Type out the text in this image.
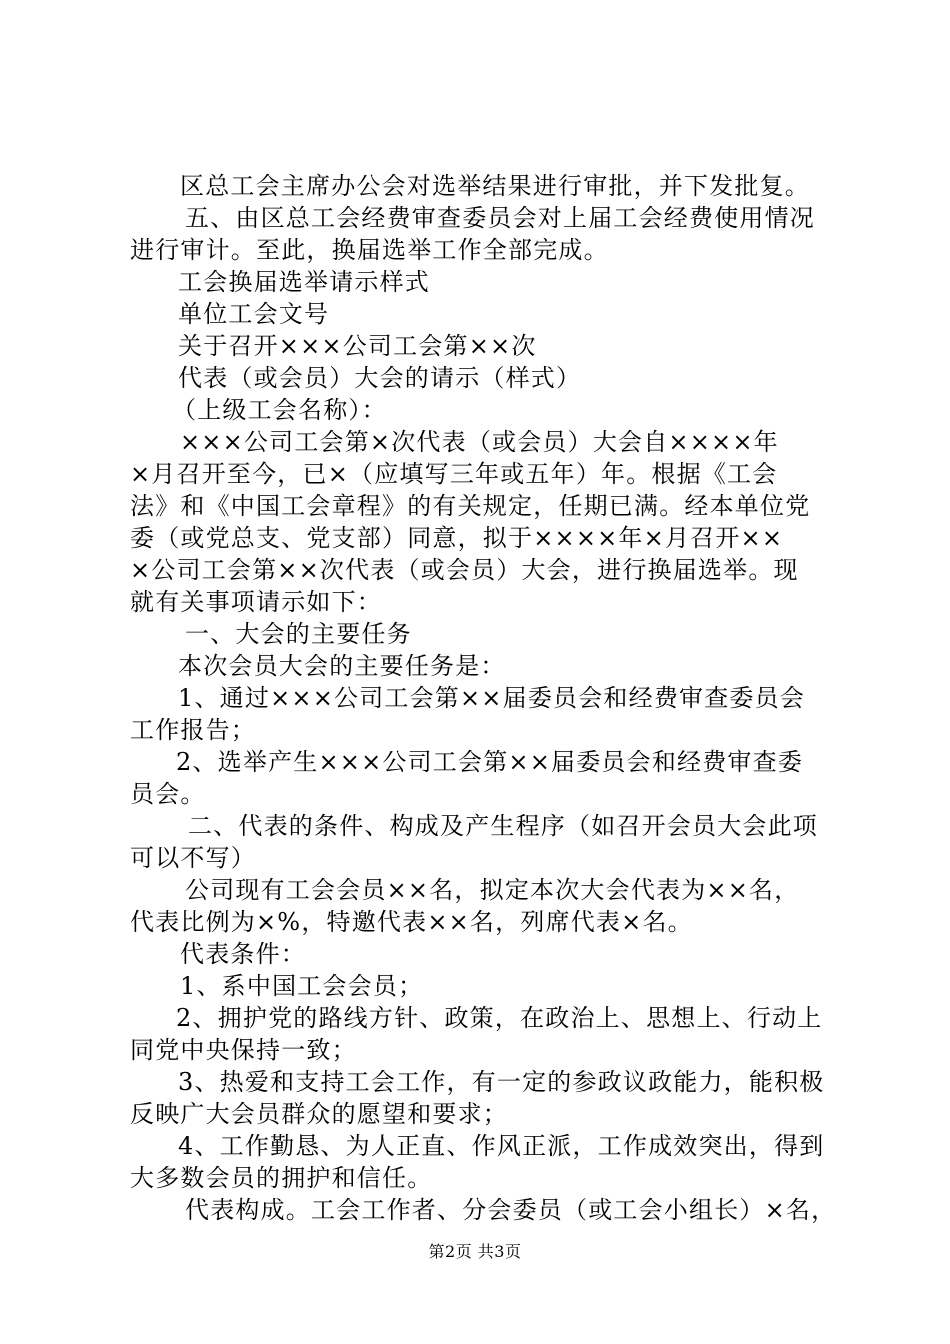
区总工会主席办公会对选举结果进行审批，并下发批复。
五、由区总工会经费审查委员会对上届工会经费使用情况
进行审计。至此，换届选举工作全部完成。
工会换届选举请示样式
单位工会文号
关于召开×××公司工会第××次
代表（或会员）大会的请示（样式）
（上级工会名称）：
×××公司工会第×次代表（或会员）大会自××××年
×月召开至今，已×（应填写三年或五年）年。根据《工会
法》和《中国工会章程》的有关规定，任期已满。经本单位党
委（或党总支、党支部）同意，拟于××××年×月召开××
×公司工会第××次代表（或会员）大会，进行换届选举。现
就有关事项请示如下：
一、大会的主要任务
本次会员大会的主要任务是：
1、通过×××公司工会第××届委员会和经费审查委员会
工作报告；
2、选举产生×××公司工会第××届委员会和经费审查委
员会。
二、代表的条件、构成及产生程序（如召开会员大会此项
可以不写）
公司现有工会会员××名，拟定本次大会代表为××名，
代表比例为×%，特邀代表××名，列席代表×名。
代表条件：
1、系中国工会会员；
2、拥护党的路线方针、政策，在政治上、思想上、行动上
同党中央保持一致；
3、热爱和支持工会工作，有一定的参政议政能力，能积极
反映广大会员群众的愿望和要求；
4、工作勤恳、为人正直、作风正派，工作成效突出，得到
大多数会员的拥护和信任。
代表构成。工会工作者、分会委员（或工会小组长）×名，
第2页 共3页
